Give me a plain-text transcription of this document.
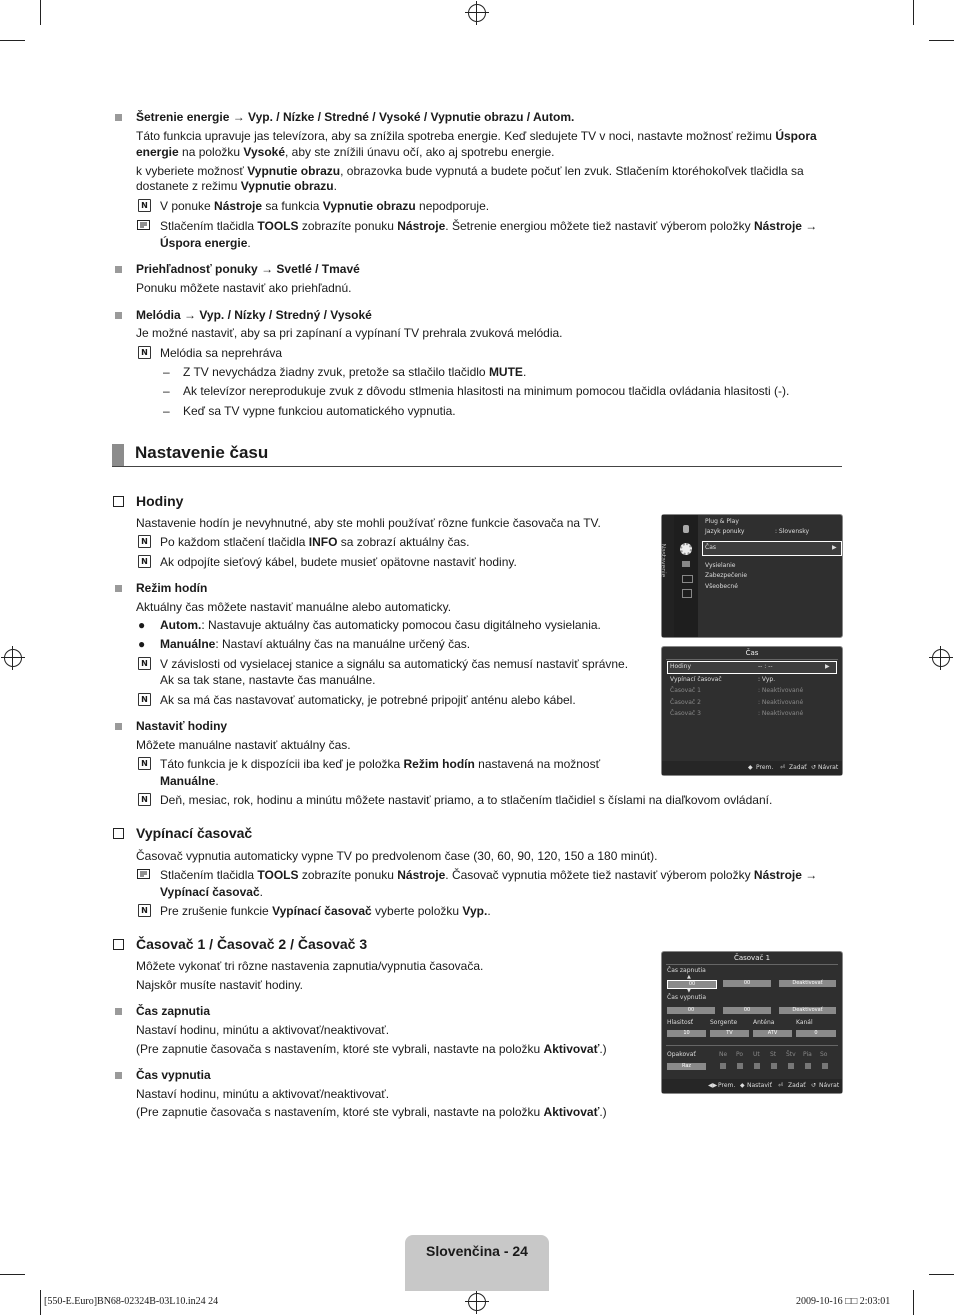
Šetrenie energie → Vyp. / Nízke / Stredné / Vysoké / Vypnutie obrazu / Autom.
Táto funkcia upravuje jas televízora, aby sa znížila spotreba energie. Keď sledujete TV v noci, nastavte možnosť režimu Úspora
energie na položku Vysoké, aby ste znížili únavu očí, ako aj spotrebu energie.
k vyberiete možnosť Vypnutie obrazu, obrazovka bude vypnutá a budete počuť len zvuk. Stlačením ktoréhokoľvek tlačidla sa
dostanete z režimu Vypnutie obrazu.
N V ponuke Nástroje sa funkcia Vypnutie obrazu nepodporuje.
Stlačením tlačidla TOOLS zobrazíte ponuku Nástroje. Šetrenie energiou môžete tiež nastaviť výberom položky Nástroje →
Úspora energie.
Priehľadnosť ponuky → Svetlé / Tmavé
Ponuku môžete nastaviť ako priehľadnú.
Melódia → Vyp. / Nízky / Stredný / Vysoké
Je možné nastaviť, aby sa pri zapínaní a vypínaní TV prehrala zvuková melódia.
N Melódia sa neprehráva
– Z TV nevychádza žiadny zvuk, pretože sa stlačilo tlačidlo MUTE.
– Ak televízor nereprodukuje zvuk z dôvodu stlmenia hlasitosti na minimum pomocou tlačidla ovládania hlasitosti (-).
– Keď sa TV vypne funkciou automatického vypnutia.
Nastavenie času
Hodiny
Nastavenie hodín je nevyhnutné, aby ste mohli používať rôzne funkcie časovača na TV.
N Po každom stlačení tlačidla INFO sa zobrazí aktuálny čas.
N Ak odpojíte sieťový kábel, budete musieť opätovne nastaviť hodiny.
Režim hodín
Aktuálny čas môžete nastaviť manuálne alebo automaticky.
● Autom.: Nastavuje aktuálny čas automaticky pomocou času digitálneho vysielania.
● Manuálne: Nastaví aktuálny čas na manuálne určený čas.
N V závislosti od vysielacej stanice a signálu sa automatický čas nemusí nastaviť správne.
Ak sa tak stane, nastavte čas manuálne.
N Ak sa má čas nastavovať automaticky, je potrebné pripojiť anténu alebo kábel.
Nastaviť hodiny
Môžete manuálne nastaviť aktuálny čas.
N Táto funkcia je k dispozícii iba keď je položka Režim hodín nastavená na možnosť
Manuálne.
N Deň, mesiac, rok, hodinu a minútu môžete nastaviť priamo, a to stlačením tlačidiel s číslami na diaľkovom ovládaní.
Vypínací časovač
Časovač vypnutia automaticky vypne TV po predvolenom čase (30, 60, 90, 120, 150 a 180 minút).
Stlačením tlačidla TOOLS zobrazíte ponuku Nástroje. Časovač vypnutia môžete tiež nastaviť výberom položky Nástroje →
Vypínací časovač.
N Pre zrušenie funkcie Vypínací časovač vyberte položku Vyp..
Časovač 1 / Časovač 2 / Časovač 3
Môžete vykonať tri rôzne nastavenia zapnutia/vypnutia časovača.
Najskôr musíte nastaviť hodiny.
Čas zapnutia
Nastaví hodinu, minútu a aktivovať/neaktivovať.
(Pre zapnutie časovača s nastavením, ktoré ste vybrali, nastavte na položku Aktivovať.)
Čas vypnutia
Nastaví hodinu, minútu a aktivovať/neaktivovať.
(Pre zapnutie časovača s nastavením, ktoré ste vybrali, nastavte na položku Aktivovať.)
Nastavenie
Plug & Play
Jazyk ponuky	: Slovensky
Čas	▶
Vysielanie
Zabezpečenie
Všeobecné
Čas
Hodiny	-- : --	▶
Vypínací časovač	: Vyp.
Časovač 1	: Neaktivované
Časovač 2	: Neaktivované
Časovač 3	: Neaktivované
◆ Prem. ⏎ Zadať ↺ Návrat
Časovač 1
Čas zapnutia
▲
00	00	Deaktivovať
▼
Čas vypnutia
00	00	Deaktivovať
Hlasitosť	Sorgente	Anténa	Kanál
10	TV	ATV	0
Opakovať	Ne Po Ut St Štv Pia So
Raz
◀▶ Prem. ◆ Nastaviť ⏎ Zadať ↺ Návrat
Slovenčina - 24
[550-E.Euro]BN68-02324B-03L10.in24 24	2009-10-16 □□ 2:03:01
